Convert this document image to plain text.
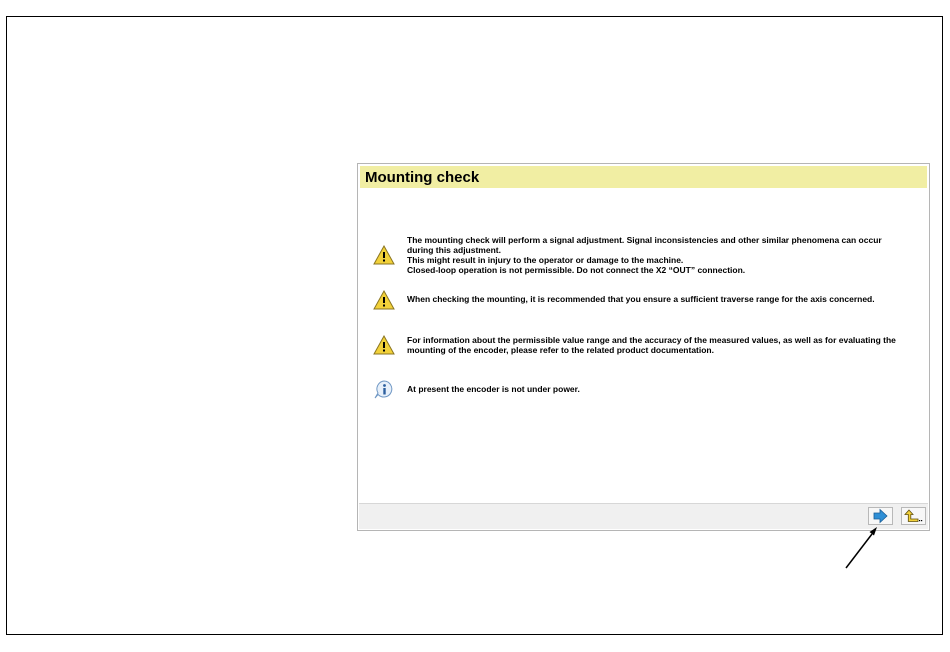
Mounting check
The mounting check will perform a signal adjustment. Signal inconsistencies and other similar phenomena can occur
during this adjustment.
This might result in injury to the operator or damage to the machine.
Closed-loop operation is not permissible. Do not connect the X2 “OUT” connection.
When checking the mounting, it is recommended that you ensure a sufficient traverse range for the axis concerned.
For information about the permissible value range and the accuracy of the measured values, as well as for evaluating the
mounting of the encoder, please refer to the related product documentation.
At present the encoder is not under power.
